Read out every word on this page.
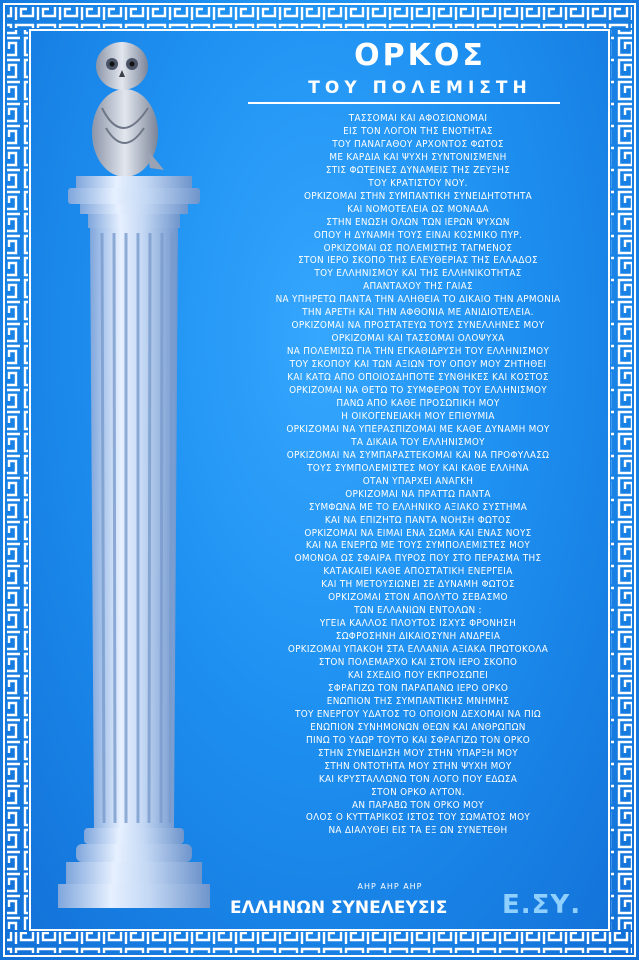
ΟΡΚΟΣ
ΤΟΥ ΠΟΛΕΜΙΣΤΗ
ΤΑΣΣΟΜΑΙ ΚΑΙ ΑΦΟΣΙΩΝΟΜΑΙ
ΕΙΣ ΤΟΝ ΛΟΓΟΝ ΤΗΣ ΕΝΟΤΗΤΑΣ
ΤΟΥ ΠΑΝΑΓΑΘΟΥ ΑΡΧΟΝΤΟΣ ΦΩΤΟΣ
ΜΕ ΚΑΡΔΙΑ ΚΑΙ ΨΥΧΗ ΣΥΝΤΟΝΙΣΜΕΝΗ
ΣΤΙΣ ΦΩΤΕΙΝΕΣ ΔΥΝΑΜΕΙΣ ΤΗΣ ΖΕΥΞΗΣ
ΤΟΥ ΚΡΑΤΙΣΤΟΥ ΝΟΥ.
ΟΡΚΙΖΟΜΑΙ ΣΤΗΝ ΣΥΜΠΑΝΤΙΚΗ ΣΥΝΕΙΔΗΤΟΤΗΤΑ
ΚΑΙ ΝΟΜΟΤΕΛΕΙΑ ΩΣ ΜΟΝΑΔΑ
ΣΤΗΝ ΕΝΩΣΗ ΟΛΩΝ ΤΩΝ ΙΕΡΩΝ ΨΥΧΩΝ
ΟΠΟΥ Η ΔΥΝΑΜΗ ΤΟΥΣ ΕΙΝΑΙ ΚΟΣΜΙΚΟ ΠΥΡ.
ΟΡΚΙΖΟΜΑΙ ΩΣ ΠΟΛΕΜΙΣΤΗΣ ΤΑΓΜΕΝΟΣ
ΣΤΟΝ ΙΕΡΟ ΣΚΟΠΟ ΤΗΣ ΕΛΕΥΘΕΡΙΑΣ ΤΗΣ ΕΛΛΑΔΟΣ
ΤΟΥ ΕΛΛΗΝΙΣΜΟΥ ΚΑΙ ΤΗΣ ΕΛΛΗΝΙΚΟΤΗΤΑΣ
ΑΠΑΝΤΑΧΟΥ ΤΗΣ ΓΑΙΑΣ
ΝΑ ΥΠΗΡΕΤΩ ΠΑΝΤΑ ΤΗΝ ΑΛΗΘΕΙΑ ΤΟ ΔΙΚΑΙΟ ΤΗΝ ΑΡΜΟΝΙΑ
ΤΗΝ ΑΡΕΤΗ ΚΑΙ ΤΗΝ ΑΦΘΟΝΙΑ ΜΕ ΑΝΙΔΙΟΤΕΛΕΙΑ.
ΟΡΚΙΖΟΜΑΙ ΝΑ ΠΡΟΣΤΑΤΕΥΩ ΤΟΥΣ ΣΥΝΕΛΛΗΝΕΣ ΜΟΥ
ΟΡΚΙΖΟΜΑΙ ΚΑΙ ΤΑΣΣΟΜΑΙ ΟΛΟΨΥΧΑ
ΝΑ ΠΟΛΕΜΙΣΩ ΓΙΑ ΤΗΝ ΕΓΚΑΘΙΔΡΥΣΗ ΤΟΥ ΕΛΛΗΝΙΣΜΟΥ
ΤΟΥ ΣΚΟΠΟΥ ΚΑΙ ΤΩΝ ΑΞΙΩΝ ΤΟΥ ΟΠΟΥ ΜΟΥ ΖΗΤΗΘΕΙ
ΚΑΙ ΚΑΤΩ ΑΠΟ ΟΠΟΙΟΣΔΗΠΟΤΕ ΣΥΝΘΗΚΕΣ ΚΑΙ ΚΟΣΤΟΣ
ΟΡΚΙΖΟΜΑΙ ΝΑ ΘΕΤΩ ΤΟ ΣΥΜΦΕΡΟΝ ΤΟΥ ΕΛΛΗΝΙΣΜΟΥ
ΠΑΝΩ ΑΠΟ ΚΑΘΕ ΠΡΟΣΩΠΙΚΗ ΜΟΥ
Η ΟΙΚΟΓΕΝΕΙΑΚΗ ΜΟΥ ΕΠΙΘΥΜΙΑ
ΟΡΚΙΖΟΜΑΙ ΝΑ ΥΠΕΡΑΣΠΙΖΟΜΑΙ ΜΕ ΚΑΘΕ ΔΥΝΑΜΗ ΜΟΥ
ΤΑ ΔΙΚΑΙΑ ΤΟΥ ΕΛΛΗΝΙΣΜΟΥ
ΟΡΚΙΖΟΜΑΙ ΝΑ ΣΥΜΠΑΡΑΣΤΕΚΟΜΑΙ ΚΑΙ ΝΑ ΠΡΟΦΥΛΑΣΩ
ΤΟΥΣ ΣΥΜΠΟΛΕΜΙΣΤΕΣ ΜΟΥ ΚΑΙ ΚΑΘΕ ΕΛΛΗΝΑ
ΟΤΑΝ ΥΠΑΡΧΕΙ ΑΝΑΓΚΗ
ΟΡΚΙΖΟΜΑΙ ΝΑ ΠΡΑΤΤΩ ΠΑΝΤΑ
ΣΥΜΦΩΝΑ ΜΕ ΤΟ ΕΛΛΗΝΙΚΟ ΑΞΙΑΚΟ ΣΥΣΤΗΜΑ
ΚΑΙ ΝΑ ΕΠΙΖΗΤΩ ΠΑΝΤΑ ΝΟΗΣΗ ΦΩΤΟΣ
ΟΡΚΙΖΟΜΑΙ ΝΑ ΕΙΜΑΙ ΕΝΑ ΣΩΜΑ ΚΑΙ ΕΝΑΣ ΝΟΥΣ
ΚΑΙ ΝΑ ΕΝΕΡΓΩ ΜΕ ΤΟΥΣ ΣΥΜΠΟΛΕΜΙΣΤΕΣ ΜΟΥ
ΟΜΟΝΟΑ ΩΣ ΣΦΑΙΡΑ ΠΥΡΟΣ ΠΟΥ ΣΤΟ ΠΕΡΑΣΜΑ ΤΗΣ
ΚΑΤΑΚΑΙΕΙ ΚΑΘΕ ΑΠΟΣΤΑΤΙΚΗ ΕΝΕΡΓΕΙΑ
ΚΑΙ ΤΗ ΜΕΤΟΥΣΙΩΝΕΙ ΣΕ ΔΥΝΑΜΗ ΦΩΤΟΣ
ΟΡΚΙΖΟΜΑΙ ΣΤΟΝ ΑΠΟΛΥΤΟ ΣΕΒΑΣΜΟ
ΤΩΝ ΕΛΛΑΝΙΩΝ ΕΝΤΟΛΩΝ :
ΥΓΕΙΑ ΚΑΛΛΟΣ ΠΛΟΥΤΟΣ ΙΣΧΥΣ ΦΡΟΝΗΣΗ
ΣΩΦΡΟΣΗΝΗ ΔΙΚΑΙΟΣΥΝΗ ΑΝΔΡΕΙΑ
ΟΡΚΙΖΟΜΑΙ ΥΠΑΚΟΗ ΣΤΑ ΕΛΛΑΝΙΑ ΑΞΙΑΚΑ ΠΡΩΤΟΚΟΛΑ
ΣΤΟΝ ΠΟΛΕΜΑΡΧΟ ΚΑΙ ΣΤΟΝ ΙΕΡΟ ΣΚΟΠΟ
ΚΑΙ ΣΧΕΔΙΟ ΠΟΥ ΕΚΠΡΟΣΩΠΕΙ
ΣΦΡΑΓΙΖΩ ΤΟΝ ΠΑΡΑΠΑΝΩ ΙΕΡΟ ΟΡΚΟ
ΕΝΩΠΙΟΝ ΤΗΣ ΣΥΜΠΑΝΤΙΚΗΣ ΜΝΗΜΗΣ
ΤΟΥ ΕΝΕΡΓΟΥ ΥΔΑΤΟΣ ΤΟ ΟΠΟΙΟΝ ΔΕΧΟΜΑΙ ΝΑ ΠΙΩ
ΕΝΩΠΙΟΝ ΣΥΝΗΜΟΝΩΝ ΘΕΩΝ ΚΑΙ ΑΝΘΡΩΠΩΝ
ΠΙΝΩ ΤΟ ΥΔΩΡ ΤΟΥΤΟ ΚΑΙ ΣΦΡΑΓΙΖΩ ΤΟΝ ΟΡΚΟ
ΣΤΗΝ ΣΥΝΕΙΔΗΣΗ ΜΟΥ ΣΤΗΝ ΥΠΑΡΞΗ ΜΟΥ
ΣΤΗΝ ΟΝΤΟΤΗΤΑ ΜΟΥ ΣΤΗΝ ΨΥΧΗ ΜΟΥ
ΚΑΙ ΚΡΥΣΤΑΛΛΩΝΩ ΤΟΝ ΛΟΓΟ ΠΟΥ ΕΔΩΣΑ
ΣΤΟΝ ΟΡΚΟ ΑΥΤΟΝ.
ΑΝ ΠΑΡΑΒΩ ΤΟΝ ΟΡΚΟ ΜΟΥ
ΟΛΟΣ Ο ΚΥΤΤΑΡΙΚΟΣ ΙΣΤΟΣ ΤΟΥ ΣΩΜΑΤΟΣ ΜΟΥ
ΝΑ ΔΙΑΛΥΘΕΙ ΕΙΣ ΤΑ ΕΞ ΩΝ ΣΥΝΕΤΕΘΗ
ΑΗΡ ΑΗΡ ΑΗΡ
ΕΛΛΗΝΩΝ ΣΥΝΕΛΕΥΣΙΣ Ε.ΣΥ.
